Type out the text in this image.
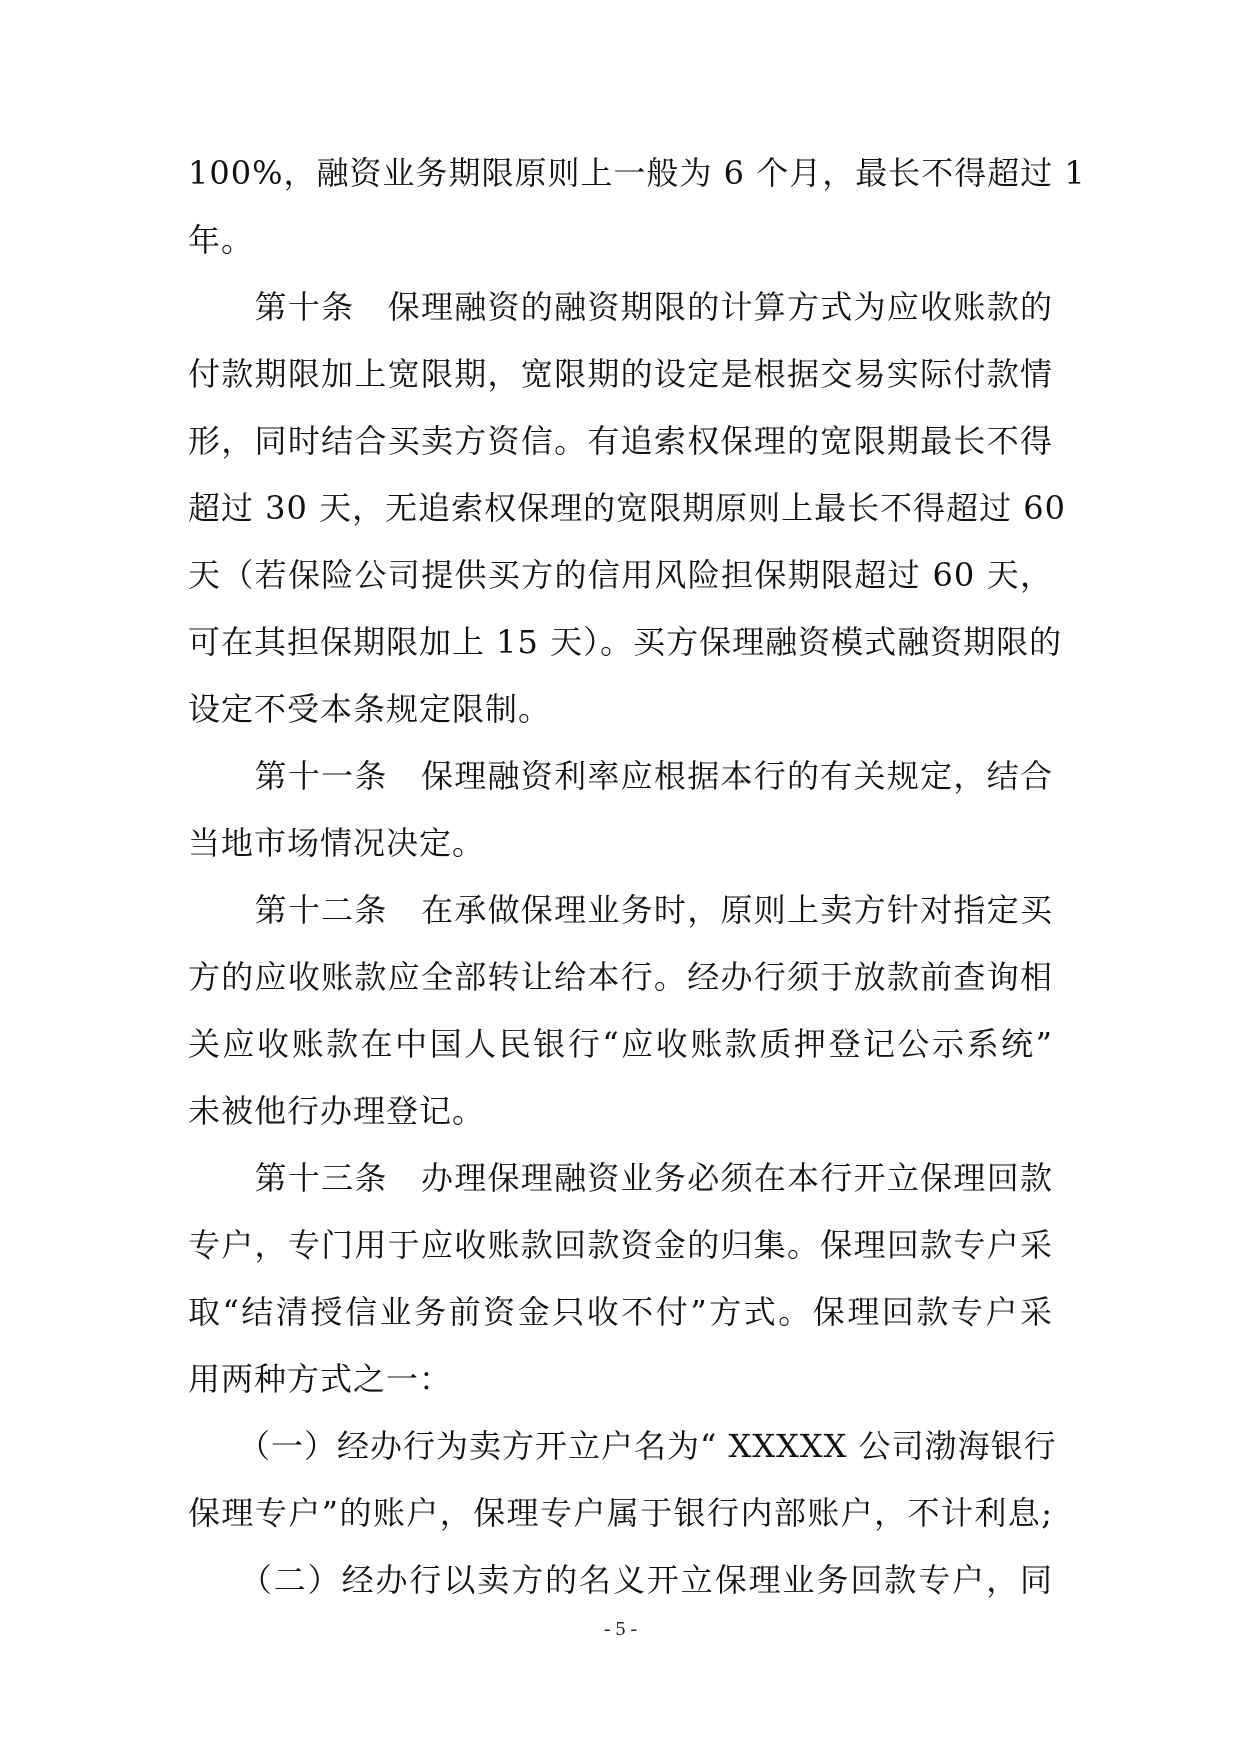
100%，融资业务期限原则上一般为 6 个月，最长不得超过 1
年。
　　第十条　保理融资的融资期限的计算方式为应收账款的
付款期限加上宽限期，宽限期的设定是根据交易实际付款情
形，同时结合买卖方资信。有追索权保理的宽限期最长不得
超过 30 天，无追索权保理的宽限期原则上最长不得超过 60
天（若保险公司提供买方的信用风险担保期限超过 60 天，
可在其担保期限加上 15 天）。买方保理融资模式融资期限的
设定不受本条规定限制。
　　第十一条　保理融资利率应根据本行的有关规定，结合
当地市场情况决定。
　　第十二条　在承做保理业务时，原则上卖方针对指定买
方的应收账款应全部转让给本行。经办行须于放款前查询相
关应收账款在中国人民银行“应收账款质押登记公示系统”
未被他行办理登记。
　　第十三条　办理保理融资业务必须在本行开立保理回款
专户，专门用于应收账款回款资金的归集。保理回款专户采
取“结清授信业务前资金只收不付”方式。保理回款专户采
用两种方式之一：
　　（一）经办行为卖方开立户名为“ XXXXX 公司渤海银行
保理专户”的账户，保理专户属于银行内部账户，不计利息;
　　（二）经办行以卖方的名义开立保理业务回款专户，同
- 5 -
